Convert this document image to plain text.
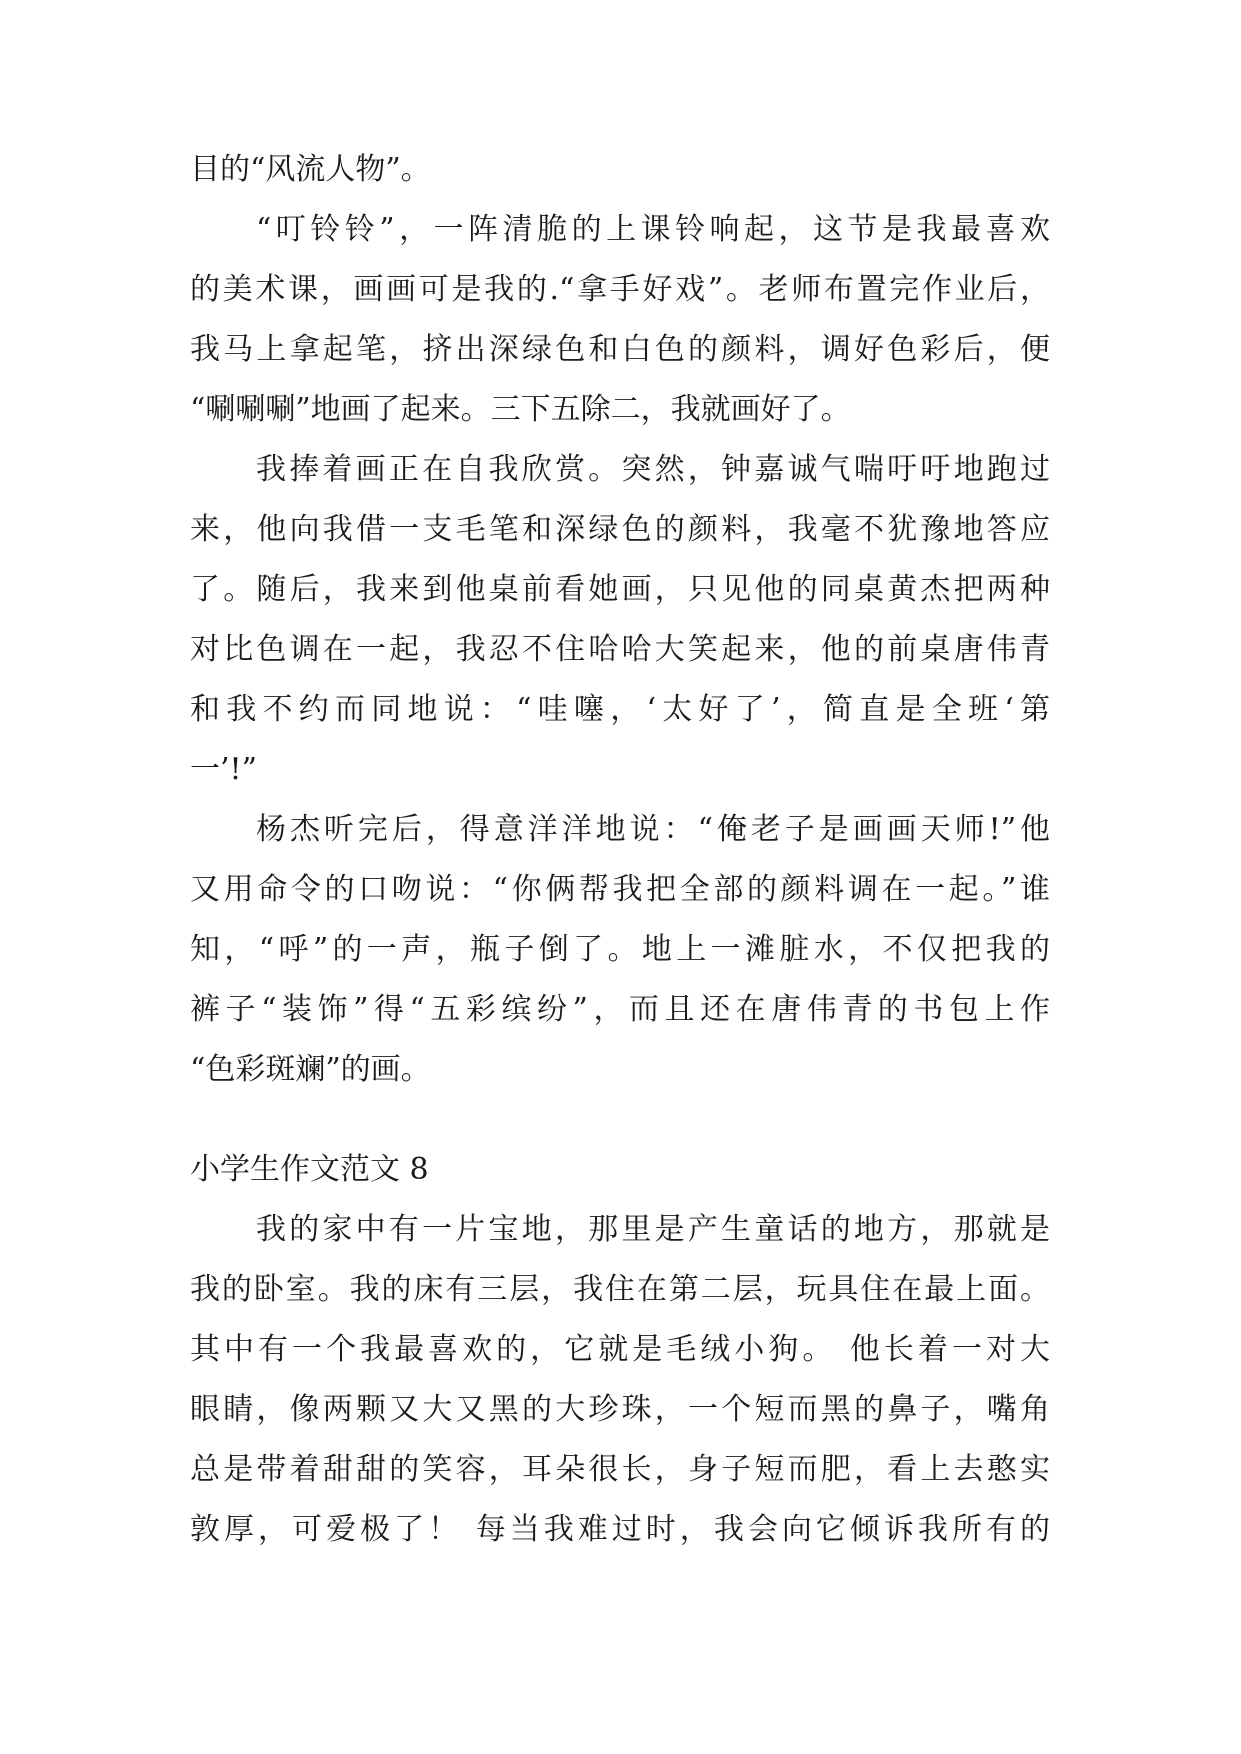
目的“风流人物”。
“叮铃铃”，一阵清脆的上课铃响起，这节是我最喜欢
的美术课，画画可是我的.“拿手好戏”。老师布置完作业后，
我马上拿起笔，挤出深绿色和白色的颜料，调好色彩后，便
“唰唰唰”地画了起来。三下五除二，我就画好了。
我捧着画正在自我欣赏。突然，钟嘉诚气喘吁吁地跑过
来，他向我借一支毛笔和深绿色的颜料，我毫不犹豫地答应
了。随后，我来到他桌前看她画，只见他的同桌黄杰把两种
对比色调在一起，我忍不住哈哈大笑起来，他的前桌唐伟青
和我不约而同地说：“哇噻，‘太好了’，简直是全班‘第
一’!”
杨杰听完后，得意洋洋地说：“俺老子是画画天师!”他
又用命令的口吻说：“你俩帮我把全部的颜料调在一起。”谁
知，“呼”的一声，瓶子倒了。地上一滩脏水，不仅把我的
裤子“装饰”得“五彩缤纷”，而且还在唐伟青的书包上作
“色彩斑斓”的画。
小学生作文范文 8
我的家中有一片宝地，那里是产生童话的地方，那就是
我的卧室。我的床有三层，我住在第二层，玩具住在最上面。
其中有一个我最喜欢的，它就是毛绒小狗。 他长着一对大
眼睛，像两颗又大又黑的大珍珠，一个短而黑的鼻子，嘴角
总是带着甜甜的笑容，耳朵很长，身子短而肥，看上去憨实
敦厚，可爱极了！ 每当我难过时，我会向它倾诉我所有的
